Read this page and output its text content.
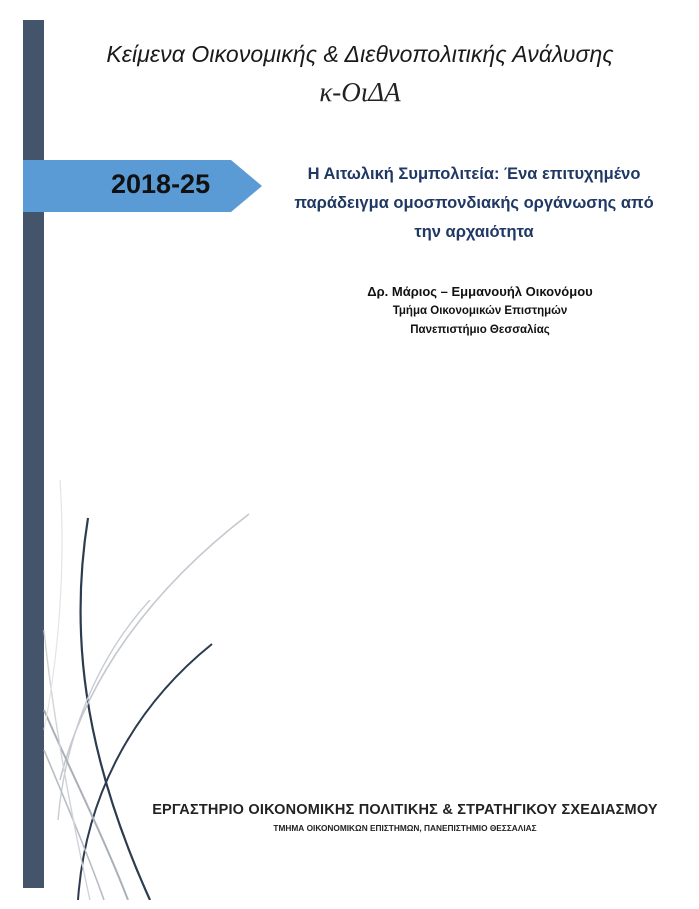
Κείμενα Οικονομικής & Διεθνοπολιτικής Ανάλυσης
κ-ΟιΔΑ
2018-25	Η Αιτωλική Συμπολιτεία: Ένα επιτυχημένο
παράδειγμα ομοσπονδιακής οργάνωσης από
την αρχαιότητα
Δρ. Μάριος – Εμμανουήλ Οικονόμου
Τμήμα Οικονομικών Επιστημών
Πανεπιστήμιο Θεσσαλίας
ΕΡΓΑΣΤΗΡΙΟ ΟΙΚΟΝΟΜΙΚΗΣ ΠΟΛΙΤΙΚΗΣ & ΣΤΡΑΤΗΓΙΚΟΥ ΣΧΕΔΙΑΣΜΟΥ
ΤΜΗΜΑ ΟΙΚΟΝΟΜΙΚΩΝ ΕΠΙΣΤΗΜΩΝ, ΠΑΝΕΠΙΣΤΗΜΙΟ ΘΕΣΣΑΛΙΑΣ
